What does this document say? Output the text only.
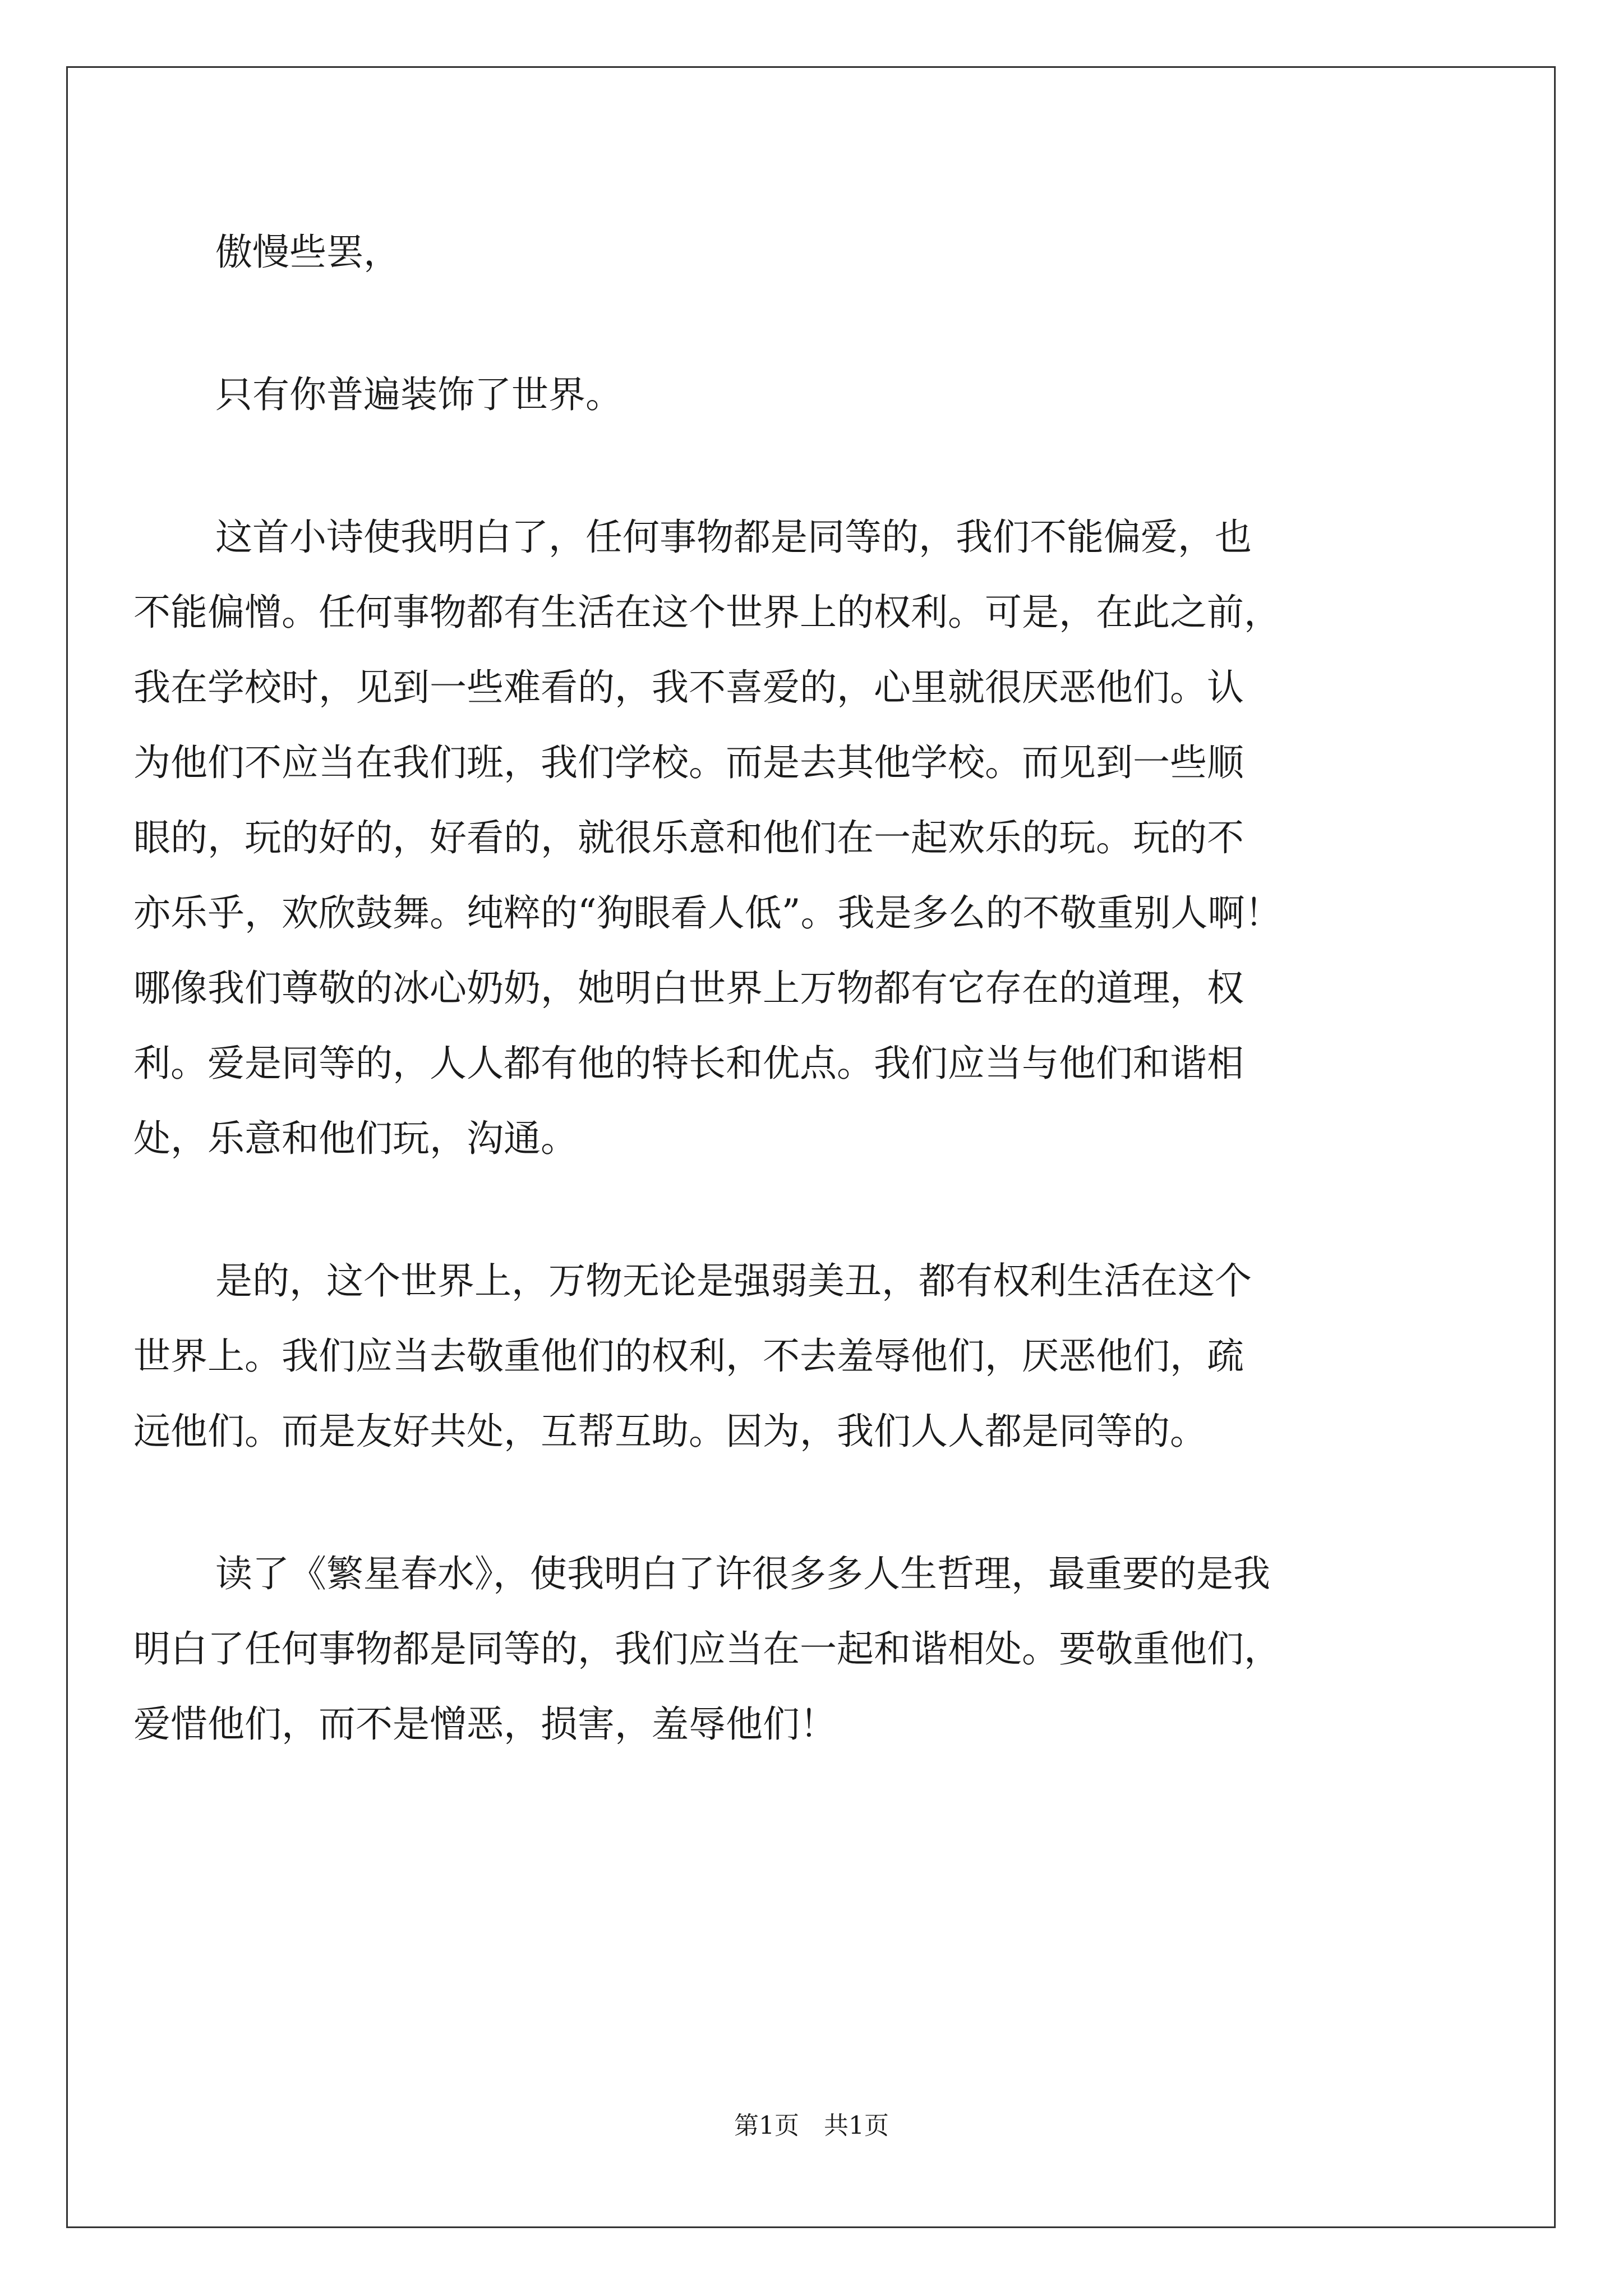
傲慢些罢，
只有你普遍装饰了世界。
这首小诗使我明白了，任何事物都是同等的，我们不能偏爱，也
不能偏憎。任何事物都有生活在这个世界上的权利。可是，在此之前，
我在学校时，见到一些难看的，我不喜爱的，心里就很厌恶他们。认
为他们不应当在我们班，我们学校。而是去其他学校。而见到一些顺
眼的，玩的好的，好看的，就很乐意和他们在一起欢乐的玩。玩的不
亦乐乎，欢欣鼓舞。纯粹的“狗眼看人低”。我是多么的不敬重别人啊！
哪像我们尊敬的冰心奶奶，她明白世界上万物都有它存在的道理，权
利。爱是同等的，人人都有他的特长和优点。我们应当与他们和谐相
处，乐意和他们玩，沟通。
是的，这个世界上，万物无论是强弱美丑，都有权利生活在这个
世界上。我们应当去敬重他们的权利，不去羞辱他们，厌恶他们，疏
远他们。而是友好共处，互帮互助。因为，我们人人都是同等的。
读了《繁星春水》，使我明白了许很多多人生哲理，最重要的是我
明白了任何事物都是同等的，我们应当在一起和谐相处。要敬重他们，
爱惜他们，而不是憎恶，损害，羞辱他们！
第1页 共1页
